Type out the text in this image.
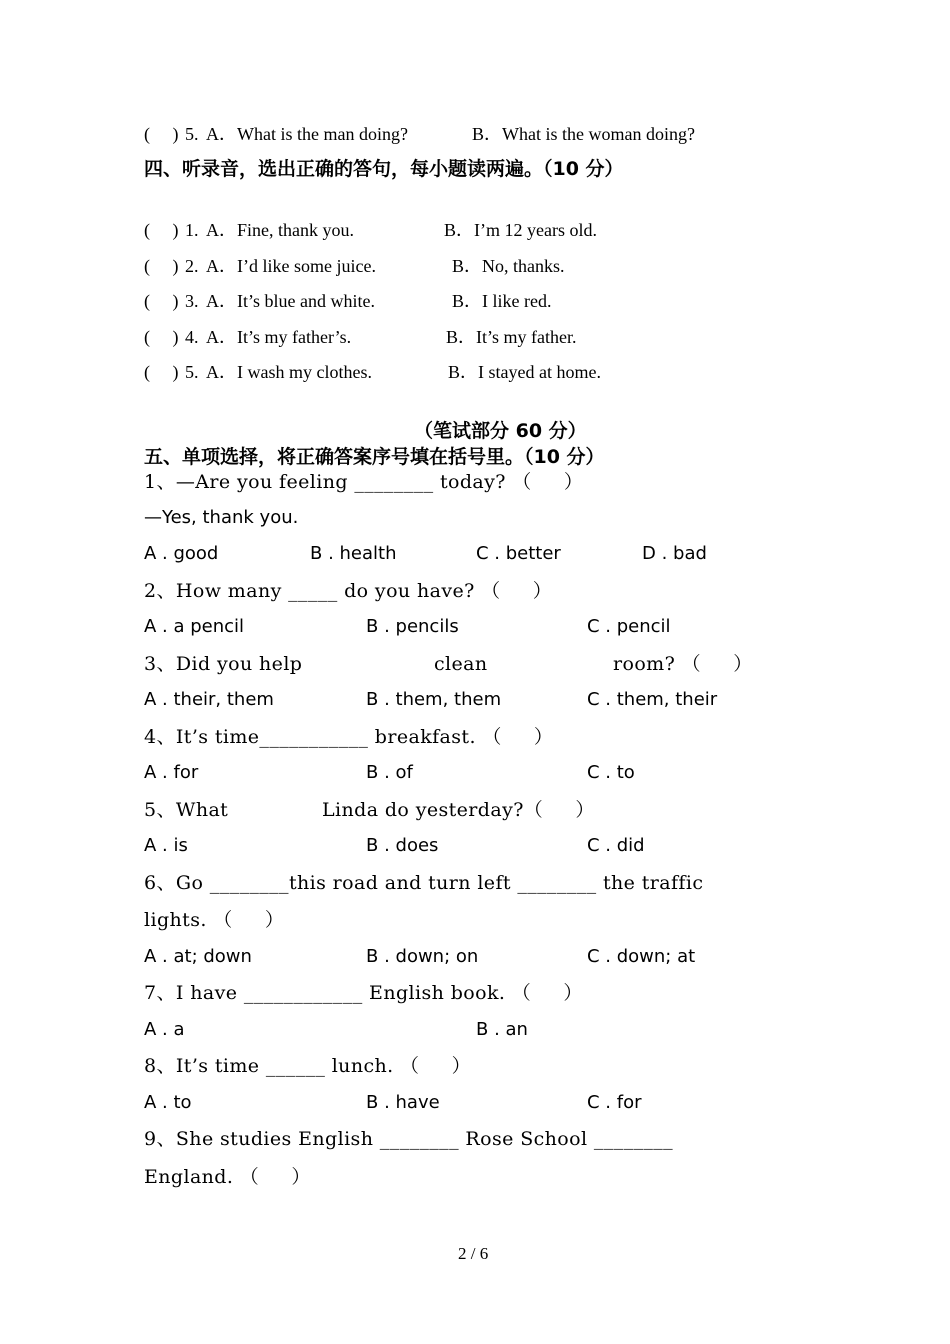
(     ) 5. A．What is the man doing?	B．What is the woman doing?
四、听录音，选出正确的答句，每小题读两遍。（10 分）
(     ) 1. A．Fine, thank you.	B．I’m 12 years old.
(     ) 2. A．I’d like some juice.	B．No, thanks.
(     ) 3. A．It’s blue and white.	B．I like red.
(     ) 4. A．It’s my father’s.	B．It’s my father.
(     ) 5. A．I wash my clothes.	B．I stayed at home.
（笔试部分 60 分）
五、单项选择，将正确答案序号填在括号里。（10 分）
1、—Are you feeling ________ today? （     ）
—Yes, thank you.
A . good	B . health	C . better	D . bad
2、How many _____ do you have? （     ）
A . a pencil	B . pencils	C . pencil
3、Did you help	clean	room? （     ）
A . their, them	B . them, them	C . them, their
4、It’s time___________ breakfast. （     ）
A . for	B . of	C . to
5、What	Linda do yesterday?（     ）
A . is	B . does	C . did
6、Go ________this road and turn left ________ the traffic
lights. （     ）
A . at; down	B . down; on	C . down; at
7、I have ____________ English book. （     ）
A . a	B . an
8、It’s time ______ lunch. （     ）
A . to	B . have	C . for
9、She studies English ________ Rose School ________
England. （     ）
2 / 6
